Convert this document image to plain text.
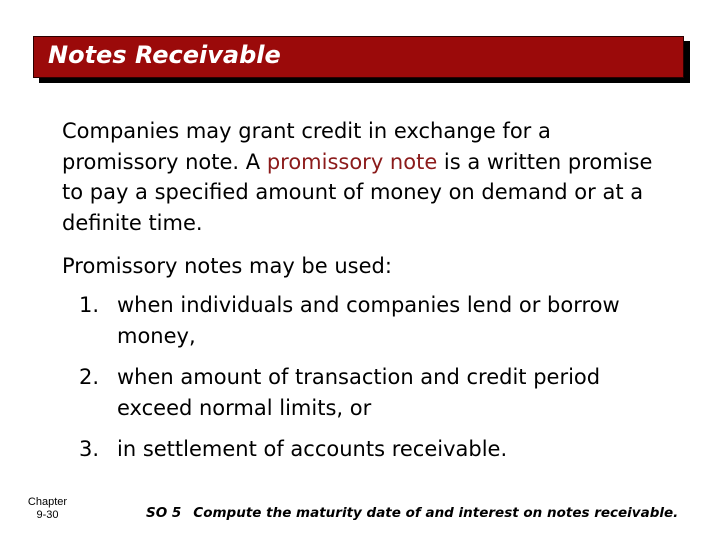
Notes Receivable
Companies may grant credit in exchange for a promissory note. A promissory note is a written promise to pay a specified amount of money on demand or at a definite time.
Promissory notes may be used:
1. when individuals and companies lend or borrow money,
2. when amount of transaction and credit period exceed normal limits, or
3. in settlement of accounts receivable.
Chapter
9-30	SO 5 Compute the maturity date of and interest on notes receivable.
